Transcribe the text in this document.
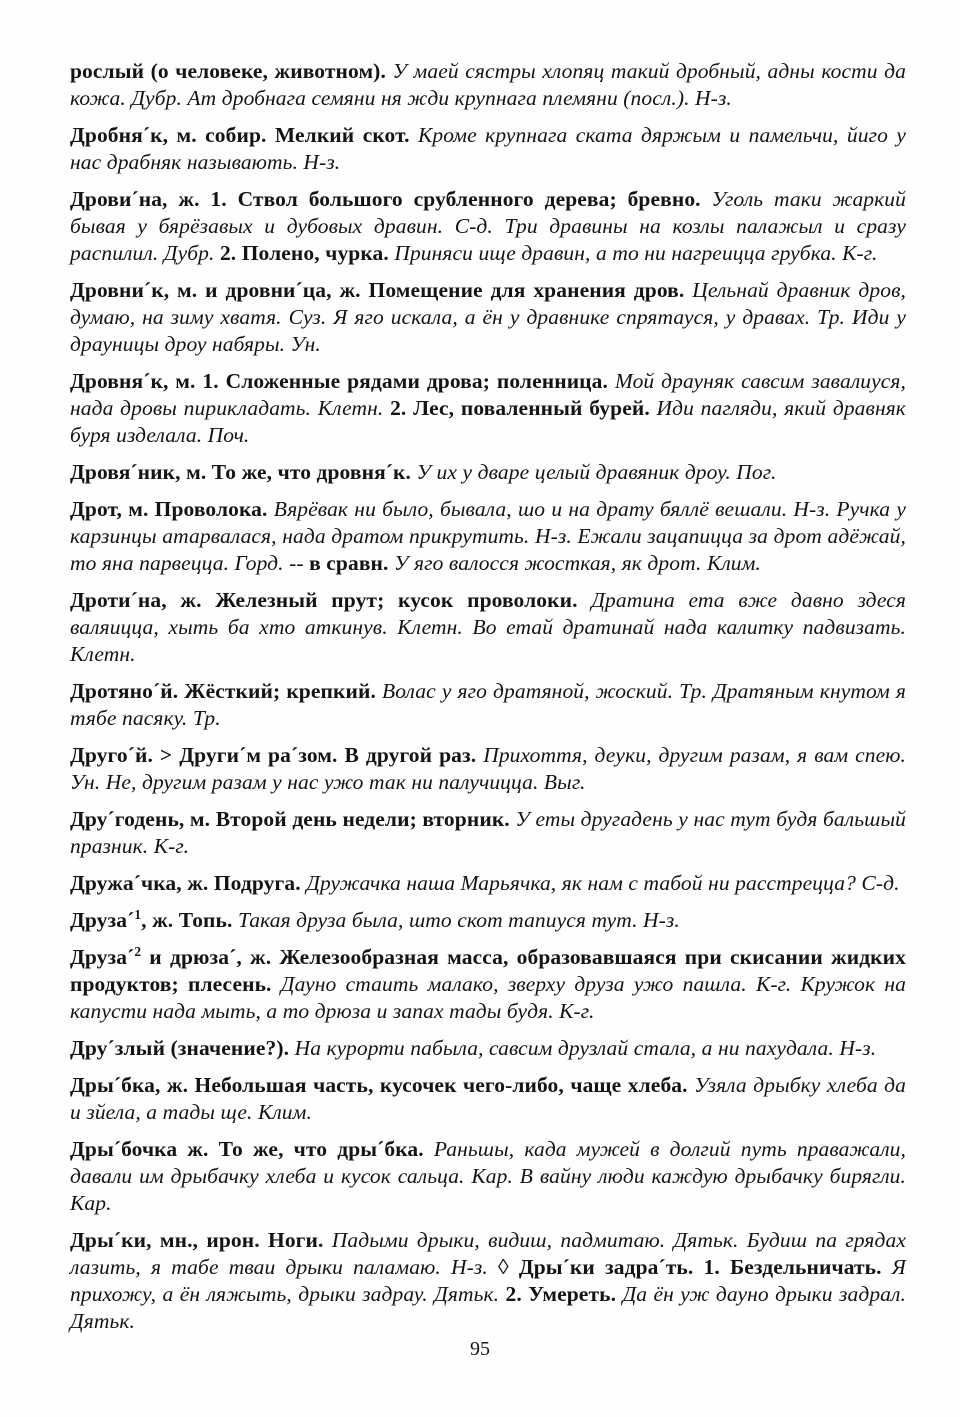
рослый (о человеке, животном). У маей сястры хлопяц такий дробный, адны кости да кожа. Дубр. Ат дробнага семяни ня жди крупнага племяни (посл.). Н-з.

Дробня´к, м. собир. Мелкий скот. Кроме крупнага ската дяржым и памельчи, йиго у нас драбняк называють. Н-з.

Дрови´на, ж. 1. Ствол большого срубленного дерева; бревно. Уголь таки жаркий бывая у бярёзавых и дубовых дравин. С-д. Три дравины на козлы палажыл и сразу распилил. Дубр. 2. Полено, чурка. Приняси ище дравин, а то ни нагреицца грубка. К-г.

Дровни´к, м. и дровни´ца, ж. Помещение для хранения дров. Цельнай дравник дров, думаю, на зиму хватя. Суз. Я яго искала, а ён у дравнике спрятауся, у дравах. Тр. Иди у драуницы дроу набяры. Ун.

Дровня´к, м. 1. Сложенные рядами дрова; поленница. Мой драуняк савсим завалиуся, нада дровы пирикладать. Клетн. 2. Лес, поваленный бурей. Иди пагляди, який дравняк буря изделала. Поч.

Дровя´ник, м. То же, что дровня´к. У их у дваре целый дравяник дроу. Пог.

Дрот, м. Проволока. Вярёвак ни было, бывала, шо и на драту бяллё вешали. Н-з. Ручка у карзинцы атарвалася, нада дратом прикрутить. Н-з. Ежали зацапицца за дрот адёжай, то яна парвецца. Горд. -- в сравн. У яго валосся жосткая, як дрот. Клим.

Дроти´на, ж. Железный прут; кусок проволоки. Дратина ета вже давно здеся валяицца, хыть ба хто аткинув. Клетн. Во етай дратинай нада калитку падвизать. Клетн.

Дротяно´й. Жёсткий; крепкий. Волас у яго дратяной, жоский. Тр. Дратяным кнутом я тябе пасяку. Тр.

Друго´й. > Други´м ра´зом. В другой раз. Прихоття, деуки, другим разам, я вам спею. Ун. Не, другим разам у нас ужо так ни палучицца. Выг.

Дру´годень, м. Второй день недели; вторник. У еты другадень у нас тут будя бальшый празник. К-г.

Дружа´чка, ж. Подруга. Дружачка наша Марьячка, як нам с табой ни расстрецца? С-д.

Друза´$^1$, ж. Топь. Такая друза была, што скот тапиуся тут. Н-з.

Друза´$^2$ и дрюза´, ж. Железообразная масса, образовавшаяся при скисании жидких продуктов; плесень. Дауно стаить малако, зверху друза ужо пашла. К-г. Кружок на капусти нада мыть, а то дрюза и запах тады будя. К-г.

Дру´злый (значение?). На курорти пабыла, савсим друзлай стала, а ни пахудала. Н-з.

Дры´бка, ж. Небольшая часть, кусочек чего-либо, чаще хлеба. Узяла дрыбку хлеба да и зйела, а тады ще. Клим.

Дры´бочка ж. То же, что дры´бка. Раньшы, када мужей в долгий путь праважали, давали им дрыбачку хлеба и кусок сальца. Кар. В вайну люди каждую дрыбачку бирягли. Кар.

Дры´ки, мн., ирон. Ноги. Падыми дрыки, видиш, падмитаю. Дятьк. Будиш па грядах лазить, я табе тваи дрыки паламаю. Н-з. ◊ Дры´ки задра´ть. 1. Бездельничать. Я прихожу, а ён ляжыть, дрыки задрау. Дятьк. 2. Умереть. Да ён уж дауно дрыки задрал. Дятьк.

95
